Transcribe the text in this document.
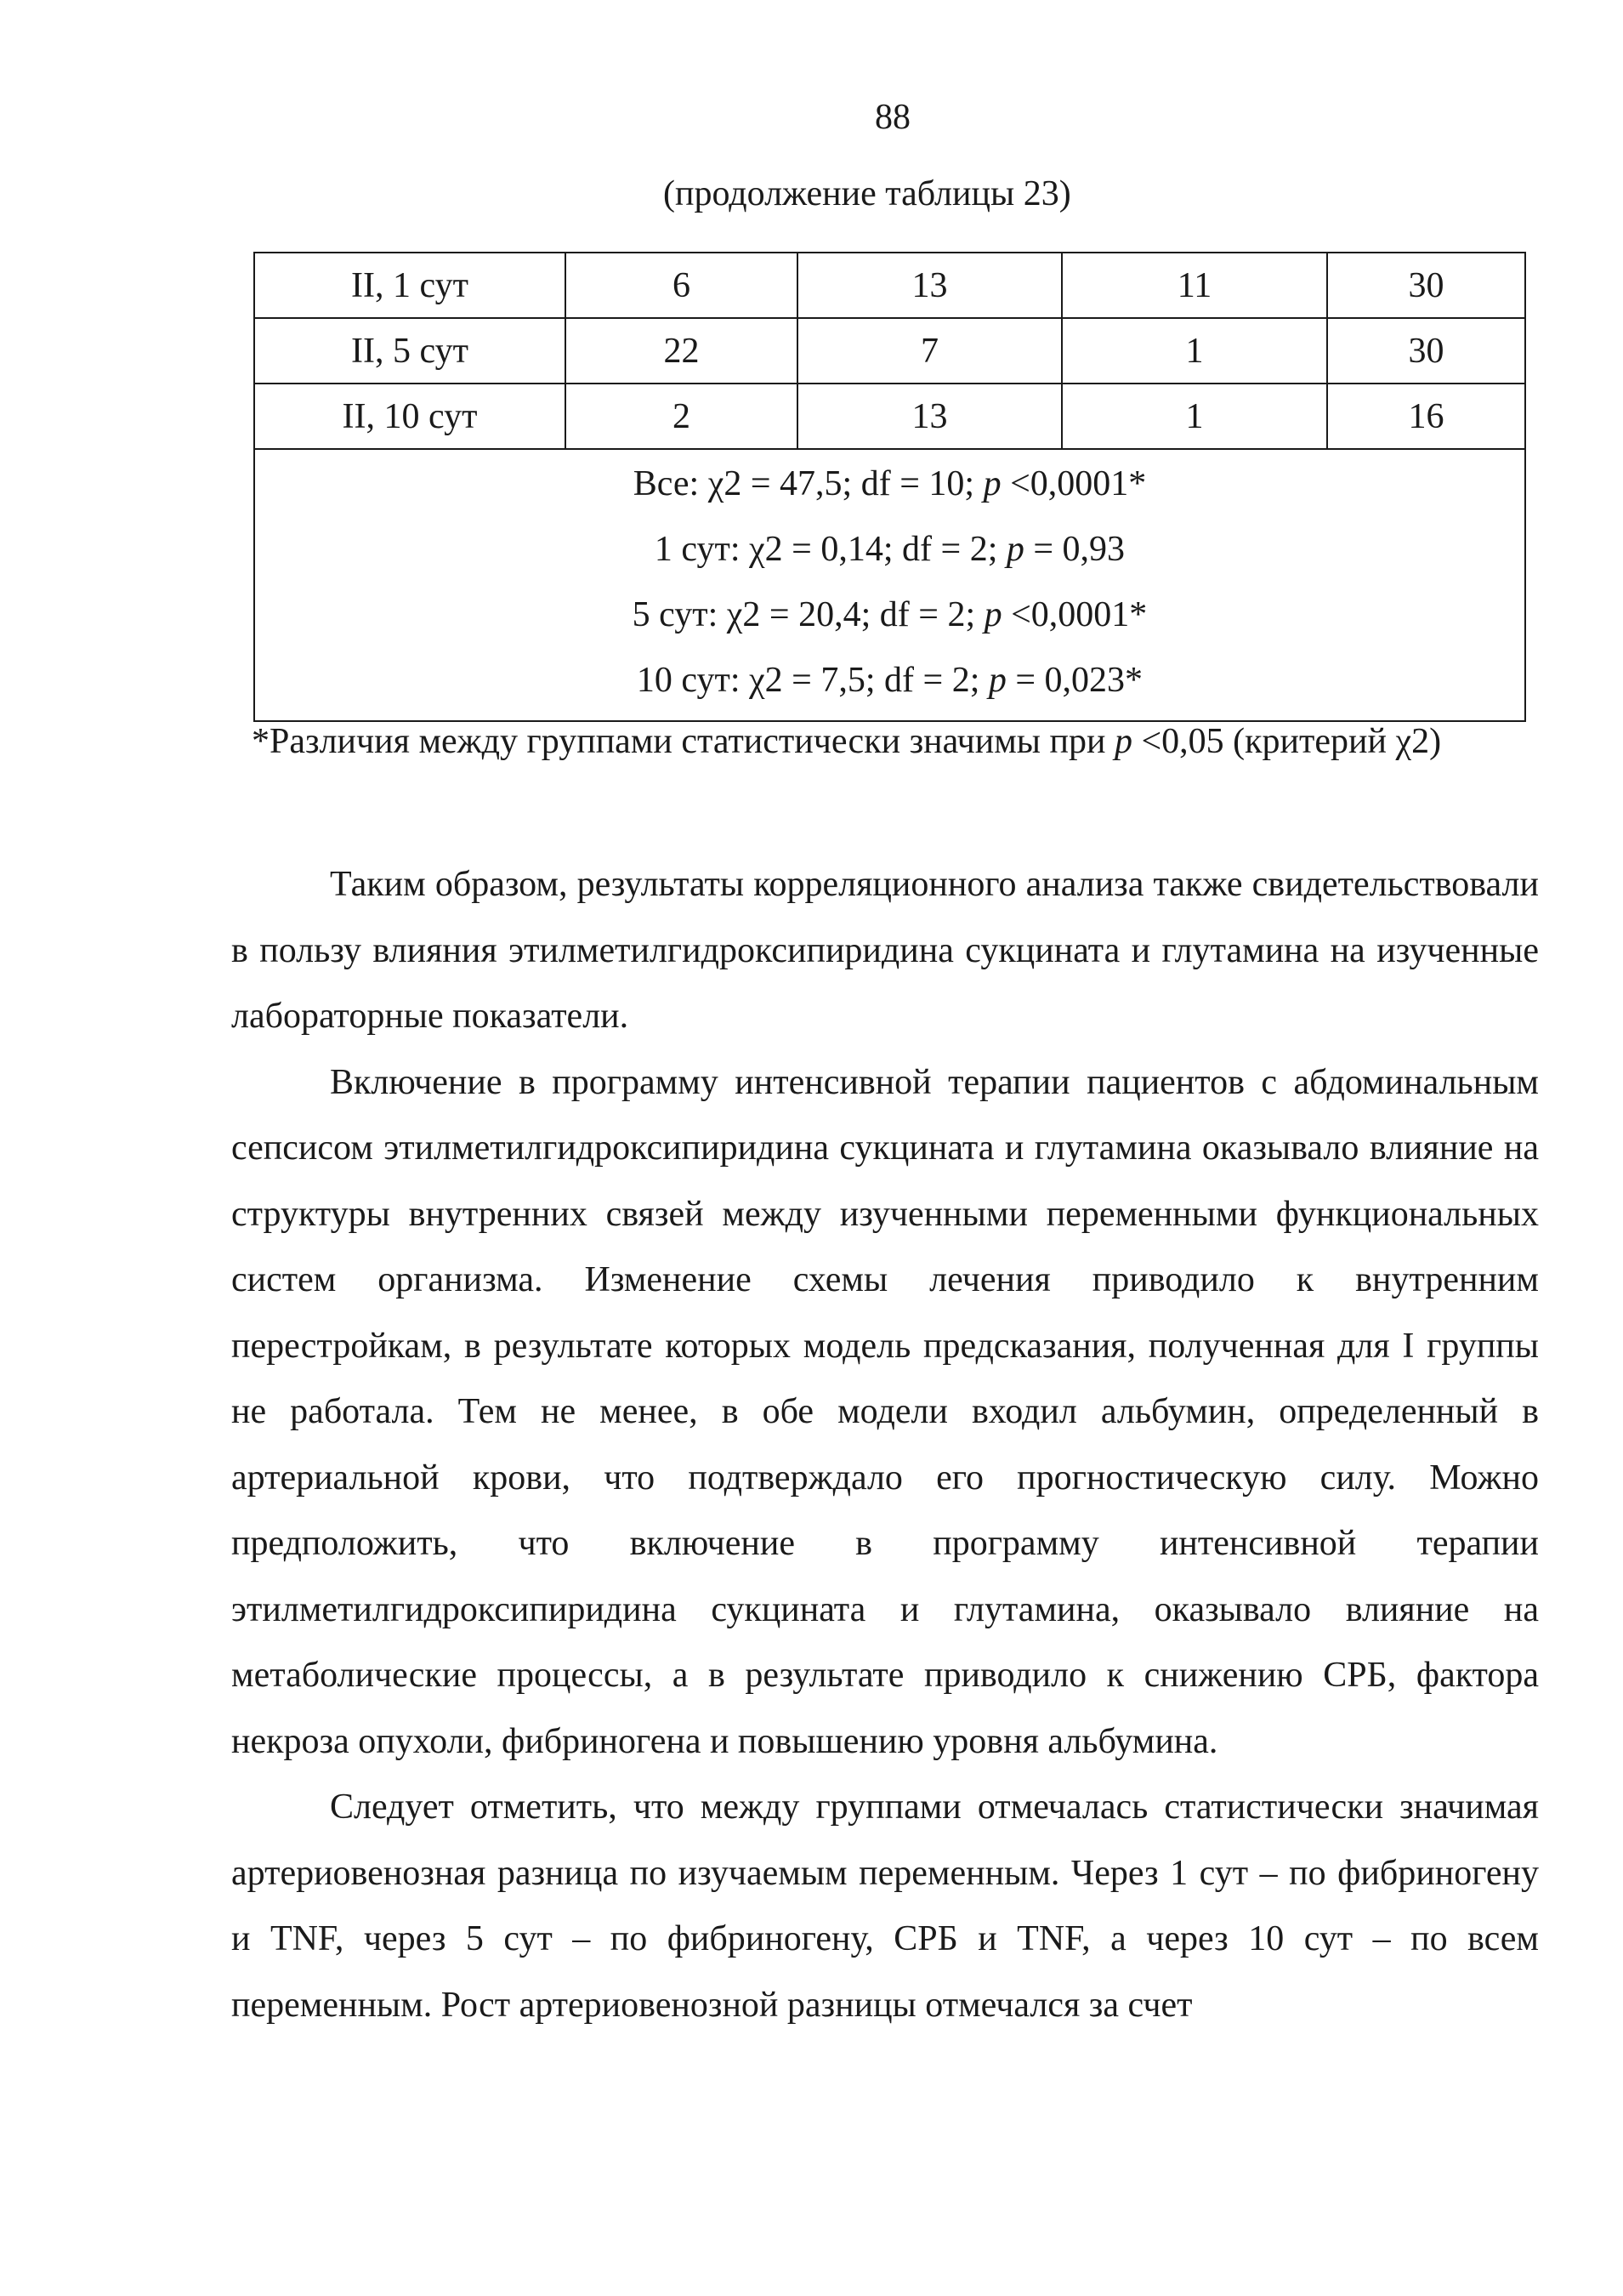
88
(продолжение таблицы 23)
II, 1 сут	6	13	11	30
II, 5 сут	22	7	1	30
II, 10 сут	2	13	1	16

Все: χ2 = 47,5; df = 10; p <0,0001*
1 сут: χ2 = 0,14; df = 2; p = 0,93
5 сут: χ2 = 20,4; df = 2; p <0,0001*
10 сут: χ2 = 7,5; df = 2; p = 0,023*				
*Различия между группами статистически значимы при p <0,05 (критерий χ2)

Таким образом, результаты корреляционного анализа также свидетельствовали в пользу влияния этилметилгидроксипиридина сукцината и глутамина на изученные лабораторные показатели.

Включение в программу интенсивной терапии пациентов с абдоминальным сепсисом этилметилгидроксипиридина сукцината и глутамина оказывало влияние на структуры внутренних связей между изученными переменными функциональных систем организма. Изменение схемы лечения приводило к внутренним перестройкам, в результате которых модель предсказания, полученная для I группы не работала. Тем не менее, в обе модели входил альбумин, определенный в артериальной крови, что подтверждало его прогностическую силу. Можно предположить, что включение в программу интенсивной терапии этилметилгидроксипиридина сукцината и глутамина, оказывало влияние на метаболические процессы, а в результате приводило к снижению СРБ, фактора некроза опухоли, фибриногена и повышению уровня альбумина.

Следует отметить, что между группами отмечалась статистически значимая артериовенозная разница по изучаемым переменным. Через 1 сут – по фибриногену и TNF, через 5 сут – по фибриногену, СРБ и TNF, а через 10 сут – по всем переменным. Рост артериовенозной разницы отмечался за счет
